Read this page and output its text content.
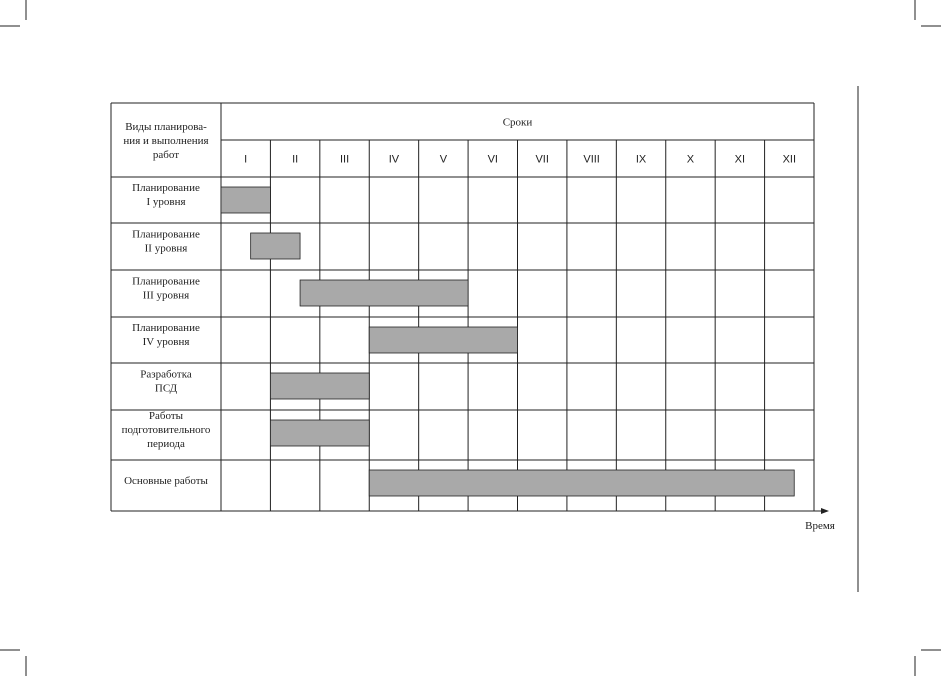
Виды планирова-
ния и выполнения
работ
Сроки
I	II	III	IV	V	VI	VII	VIII	IX	X	XI	XII
Планирование
I уровня
Планирование
II уровня
Планирование
III уровня
Планирование
IV уровня
Разработка
ПСД
Работы
подготовительного
периода
Основные работы
Время
